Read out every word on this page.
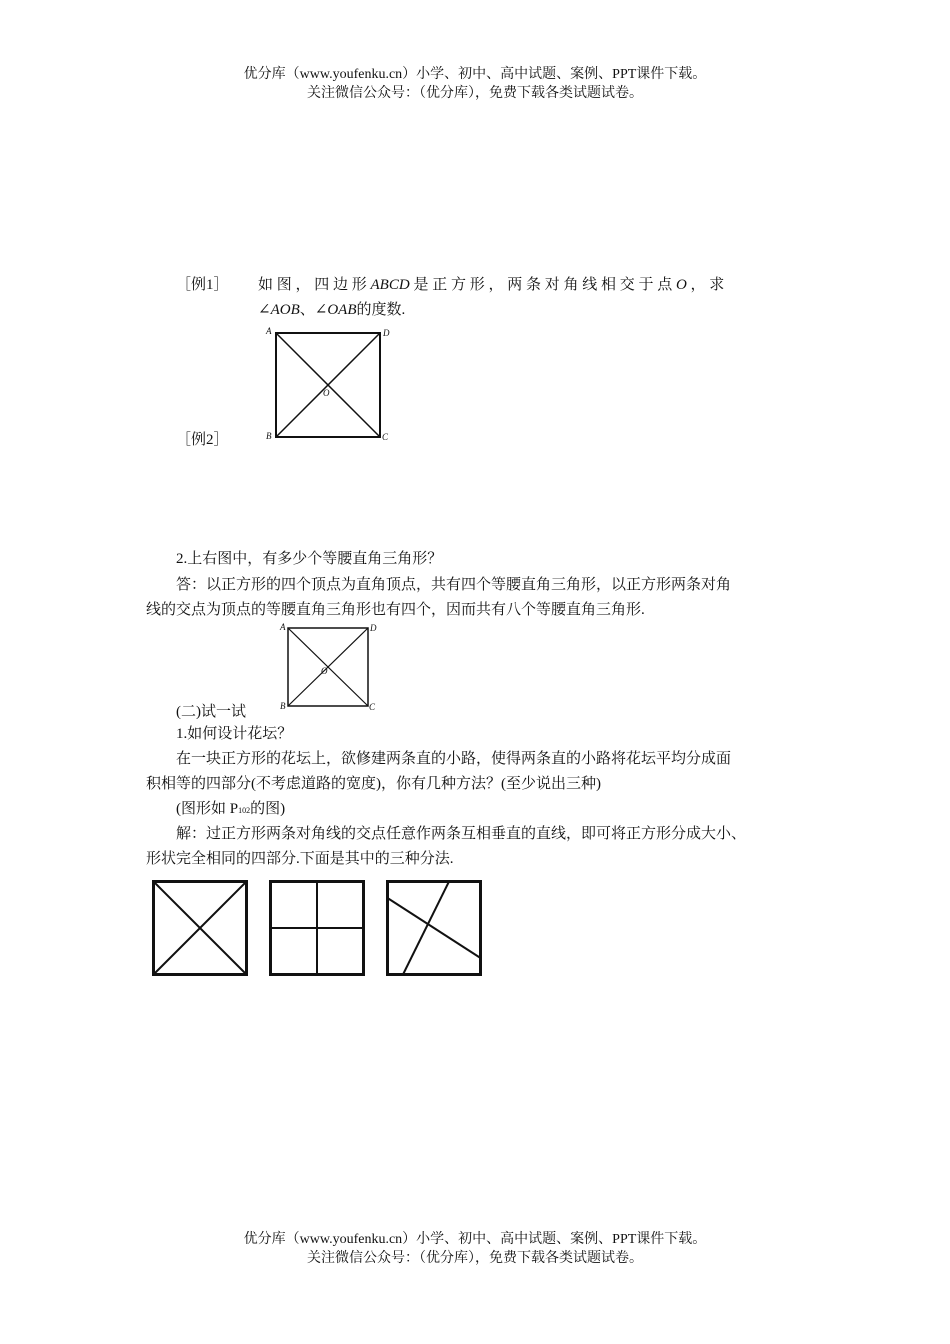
优分库（www.youfenku.cn）小学、初中、高中试题、案例、PPT课件下载。
关注微信公众号：（优分库），免费下载各类试题试卷。
［例1］ 如 图 ， 四 边 形 ABCD 是 正 方 形 ， 两 条 对 角 线 相 交 于 点 O ， 求
∠AOB、∠OAB的度数.
A	D
B	C
O
［例2］
2.上右图中，有多少个等腰直角三角形？
答：以正方形的四个顶点为直角顶点，共有四个等腰直角三角形，以正方形两条对角
线的交点为顶点的等腰直角三角形也有四个，因而共有八个等腰直角三角形.
A	D
B	C
O
(二)试一试
1.如何设计花坛？
在一块正方形的花坛上，欲修建两条直的小路，使得两条直的小路将花坛平均分成面
积相等的四部分(不考虑道路的宽度)，你有几种方法？(至少说出三种)
(图形如 P102的图)
解：过正方形两条对角线的交点任意作两条互相垂直的直线，即可将正方形分成大小、
形状完全相同的四部分.下面是其中的三种分法.
优分库（www.youfenku.cn）小学、初中、高中试题、案例、PPT课件下载。
关注微信公众号：（优分库），免费下载各类试题试卷。
